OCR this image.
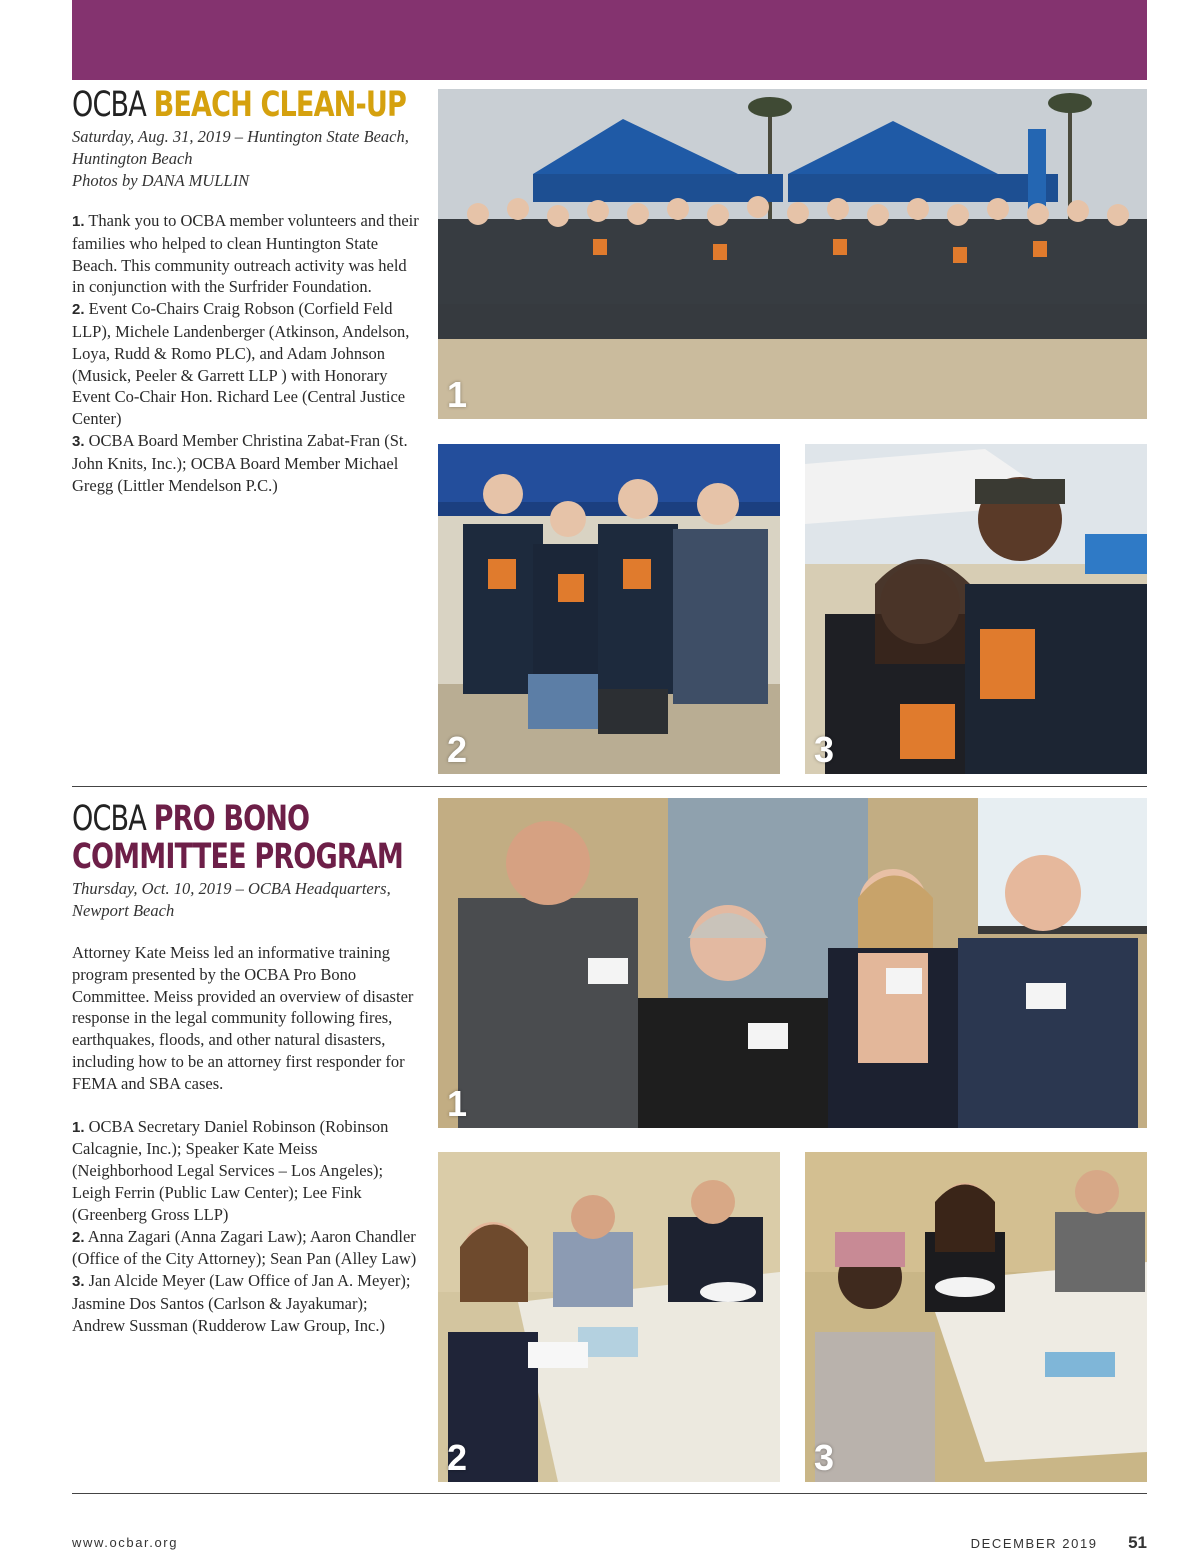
OCBA BEACH CLEAN-UP

Saturday, Aug. 31, 2019 – Huntington State Beach, Huntington Beach

Photos by DANA MULLIN

1. Thank you to OCBA member volunteers and their families who helped to clean Huntington State Beach. This community outreach activity was held in conjunction with the Surfrider Foundation.

2. Event Co-Chairs Craig Robson (Corfield Feld LLP), Michele Landenberger (Atkinson, Andelson, Loya, Rudd & Romo PLC), and Adam Johnson (Musick, Peeler & Garrett LLP ) with Honorary Event Co-Chair Hon. Richard Lee (Central Justice Center)

3. OCBA Board Member Christina Zabat-Fran (St. John Knits, Inc.); OCBA Board Member Michael Gregg (Littler Mendelson P.C.)

1
2	3
OCBA PRO BONO
COMMITTEE PROGRAM

Thursday, Oct. 10, 2019 – OCBA Headquarters, Newport Beach

Attorney Kate Meiss led an informative training program presented by the OCBA Pro Bono Committee. Meiss provided an overview of disaster response in the legal community following fires, earthquakes, floods, and other natural disasters, including how to be an attorney first responder for FEMA and SBA cases.

1. OCBA Secretary Daniel Robinson (Robinson Calcagnie, Inc.); Speaker Kate Meiss (Neighborhood Legal Services – Los Angeles); Leigh Ferrin (Public Law Center); Lee Fink (Greenberg Gross LLP)

2. Anna Zagari (Anna Zagari Law); Aaron Chandler (Office of the City Attorney); Sean Pan (Alley Law)

3. Jan Alcide Meyer (Law Office of Jan A. Meyer); Jasmine Dos Santos (Carlson & Jayakumar); Andrew Sussman (Rudderow Law Group, Inc.)

1
2	3
www.ocbar.org	DECEMBER 2019 51
